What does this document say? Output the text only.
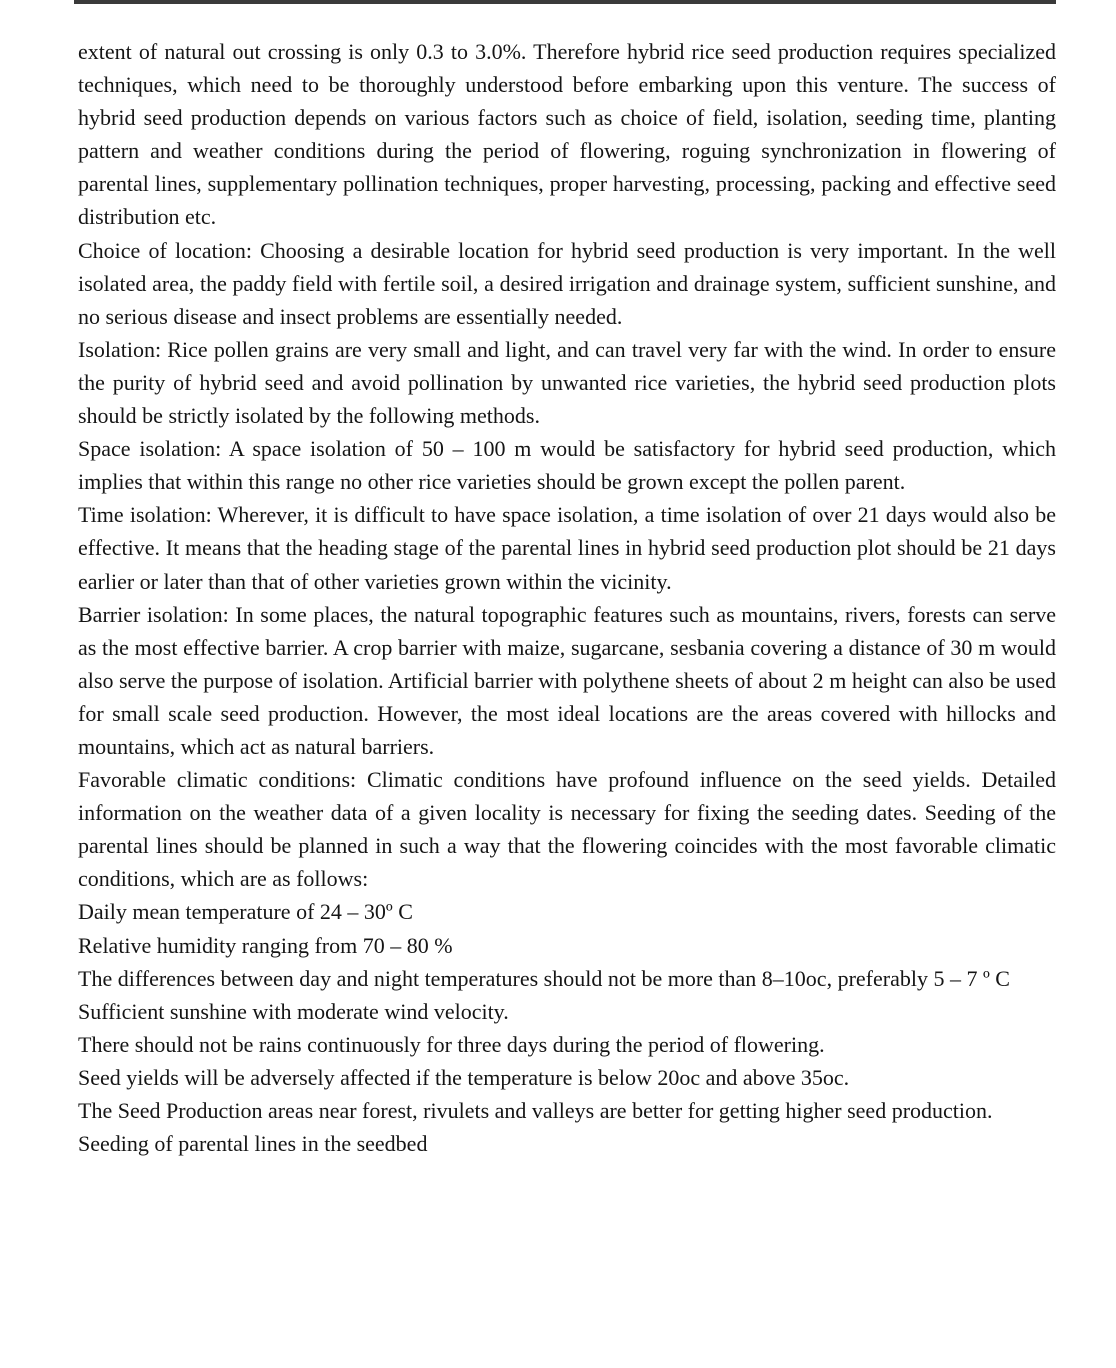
extent of natural out crossing is only 0.3 to 3.0%. Therefore hybrid rice seed production requires specialized techniques, which need to be thoroughly understood before embarking upon this venture. The success of hybrid seed production depends on various factors such as choice of field, isolation, seeding time, planting pattern and weather conditions during the period of flowering, roguing synchronization in flowering of parental lines, supplementary pollination techniques, proper harvesting, processing, packing and effective seed distribution etc.

Choice of location: Choosing a desirable location for hybrid seed production is very important. In the well isolated area, the paddy field with fertile soil, a desired irrigation and drainage system, sufficient sunshine, and no serious disease and insect problems are essentially needed.

Isolation: Rice pollen grains are very small and light, and can travel very far with the wind. In order to ensure the purity of hybrid seed and avoid pollination by unwanted rice varieties, the hybrid seed production plots should be strictly isolated by the following methods.

Space isolation: A space isolation of 50 – 100 m would be satisfactory for hybrid seed production, which implies that within this range no other rice varieties should be grown except the pollen parent.

Time isolation: Wherever, it is difficult to have space isolation, a time isolation of over 21 days would also be effective. It means that the heading stage of the parental lines in hybrid seed production plot should be 21 days earlier or later than that of other varieties grown within the vicinity.

Barrier isolation: In some places, the natural topographic features such as mountains, rivers, forests can serve as the most effective barrier. A crop barrier with maize, sugarcane, sesbania covering a distance of 30 m would also serve the purpose of isolation. Artificial barrier with polythene sheets of about 2 m height can also be used for small scale seed production. However, the most ideal locations are the areas covered with hillocks and mountains, which act as natural barriers.

Favorable climatic conditions: Climatic conditions have profound influence on the seed yields. Detailed information on the weather data of a given locality is necessary for fixing the seeding dates. Seeding of the parental lines should be planned in such a way that the flowering coincides with the most favorable climatic conditions, which are as follows:

Daily mean temperature of 24 – 30º C

Relative humidity ranging from 70 – 80 %

The differences between day and night temperatures should not be more than 8–10oc, preferably 5 – 7 º C

Sufficient sunshine with moderate wind velocity.

There should not be rains continuously for three days during the period of flowering.

Seed yields will be adversely affected if the temperature is below 20oc and above 35oc.

The Seed Production areas near forest, rivulets and valleys are better for getting higher seed production.

Seeding of parental lines in the seedbed
